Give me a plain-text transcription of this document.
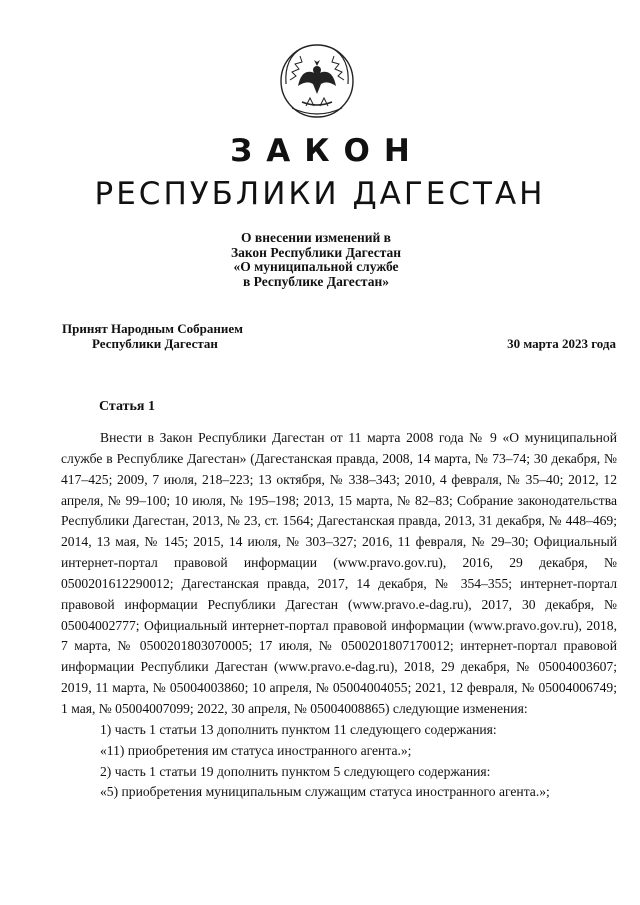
ЗАКОН
РЕСПУБЛИКИ ДАГЕСТАН
О внесении изменений в
Закон Республики Дагестан
«О муниципальной службе
в Республике Дагестан»
Принят Народным Собранием
Республики Дагестан	30 марта 2023 года
Статья 1

Внести в Закон Республики Дагестан от 11 марта 2008 года № 9 «О муниципальной службе в Республике Дагестан» (Дагестанская правда, 2008, 14 марта, № 73–74; 30 декабря, № 417–425; 2009, 7 июля, 218–223; 13 октября, № 338–343; 2010, 4 февраля, № 35–40; 2012, 12 апреля, № 99–100; 10 июля, № 195–198; 2013, 15 марта, № 82–83; Собрание законодательства Республики Дагестан, 2013, № 23, ст. 1564; Дагестанская правда, 2013, 31 декабря, № 448–469; 2014, 13 мая, № 145; 2015, 14 июля, № 303–327; 2016, 11 февраля, № 29–30; Официальный интернет-портал правовой информации (www.pravo.gov.ru), 2016, 29 декабря, № 0500201612290012; Дагестанская правда, 2017, 14 декабря, № 354–355; интернет-портал правовой информации Республики Дагестан (www.pravo.e-dag.ru), 2017, 30 декабря, № 05004002777; Официальный интернет-портал правовой информации (www.pravo.gov.ru), 2018, 7 марта, № 0500201803070005; 17 июля, № 0500201807170012; интернет-портал правовой информации Республики Дагестан (www.pravo.e-dag.ru), 2018, 29 декабря, № 05004003607; 2019, 11 марта, № 05004003860; 10 апреля, № 05004004055; 2021, 12 февраля, № 05004006749; 1 мая, № 05004007099; 2022, 30 апреля, № 05004008865) следующие изменения:

1) часть 1 статьи 13 дополнить пунктом 11 следующего содержания:

«11) приобретения им статуса иностранного агента.»;

2) часть 1 статьи 19 дополнить пунктом 5 следующего содержания:

«5) приобретения муниципальным служащим статуса иностранного агента.»;
